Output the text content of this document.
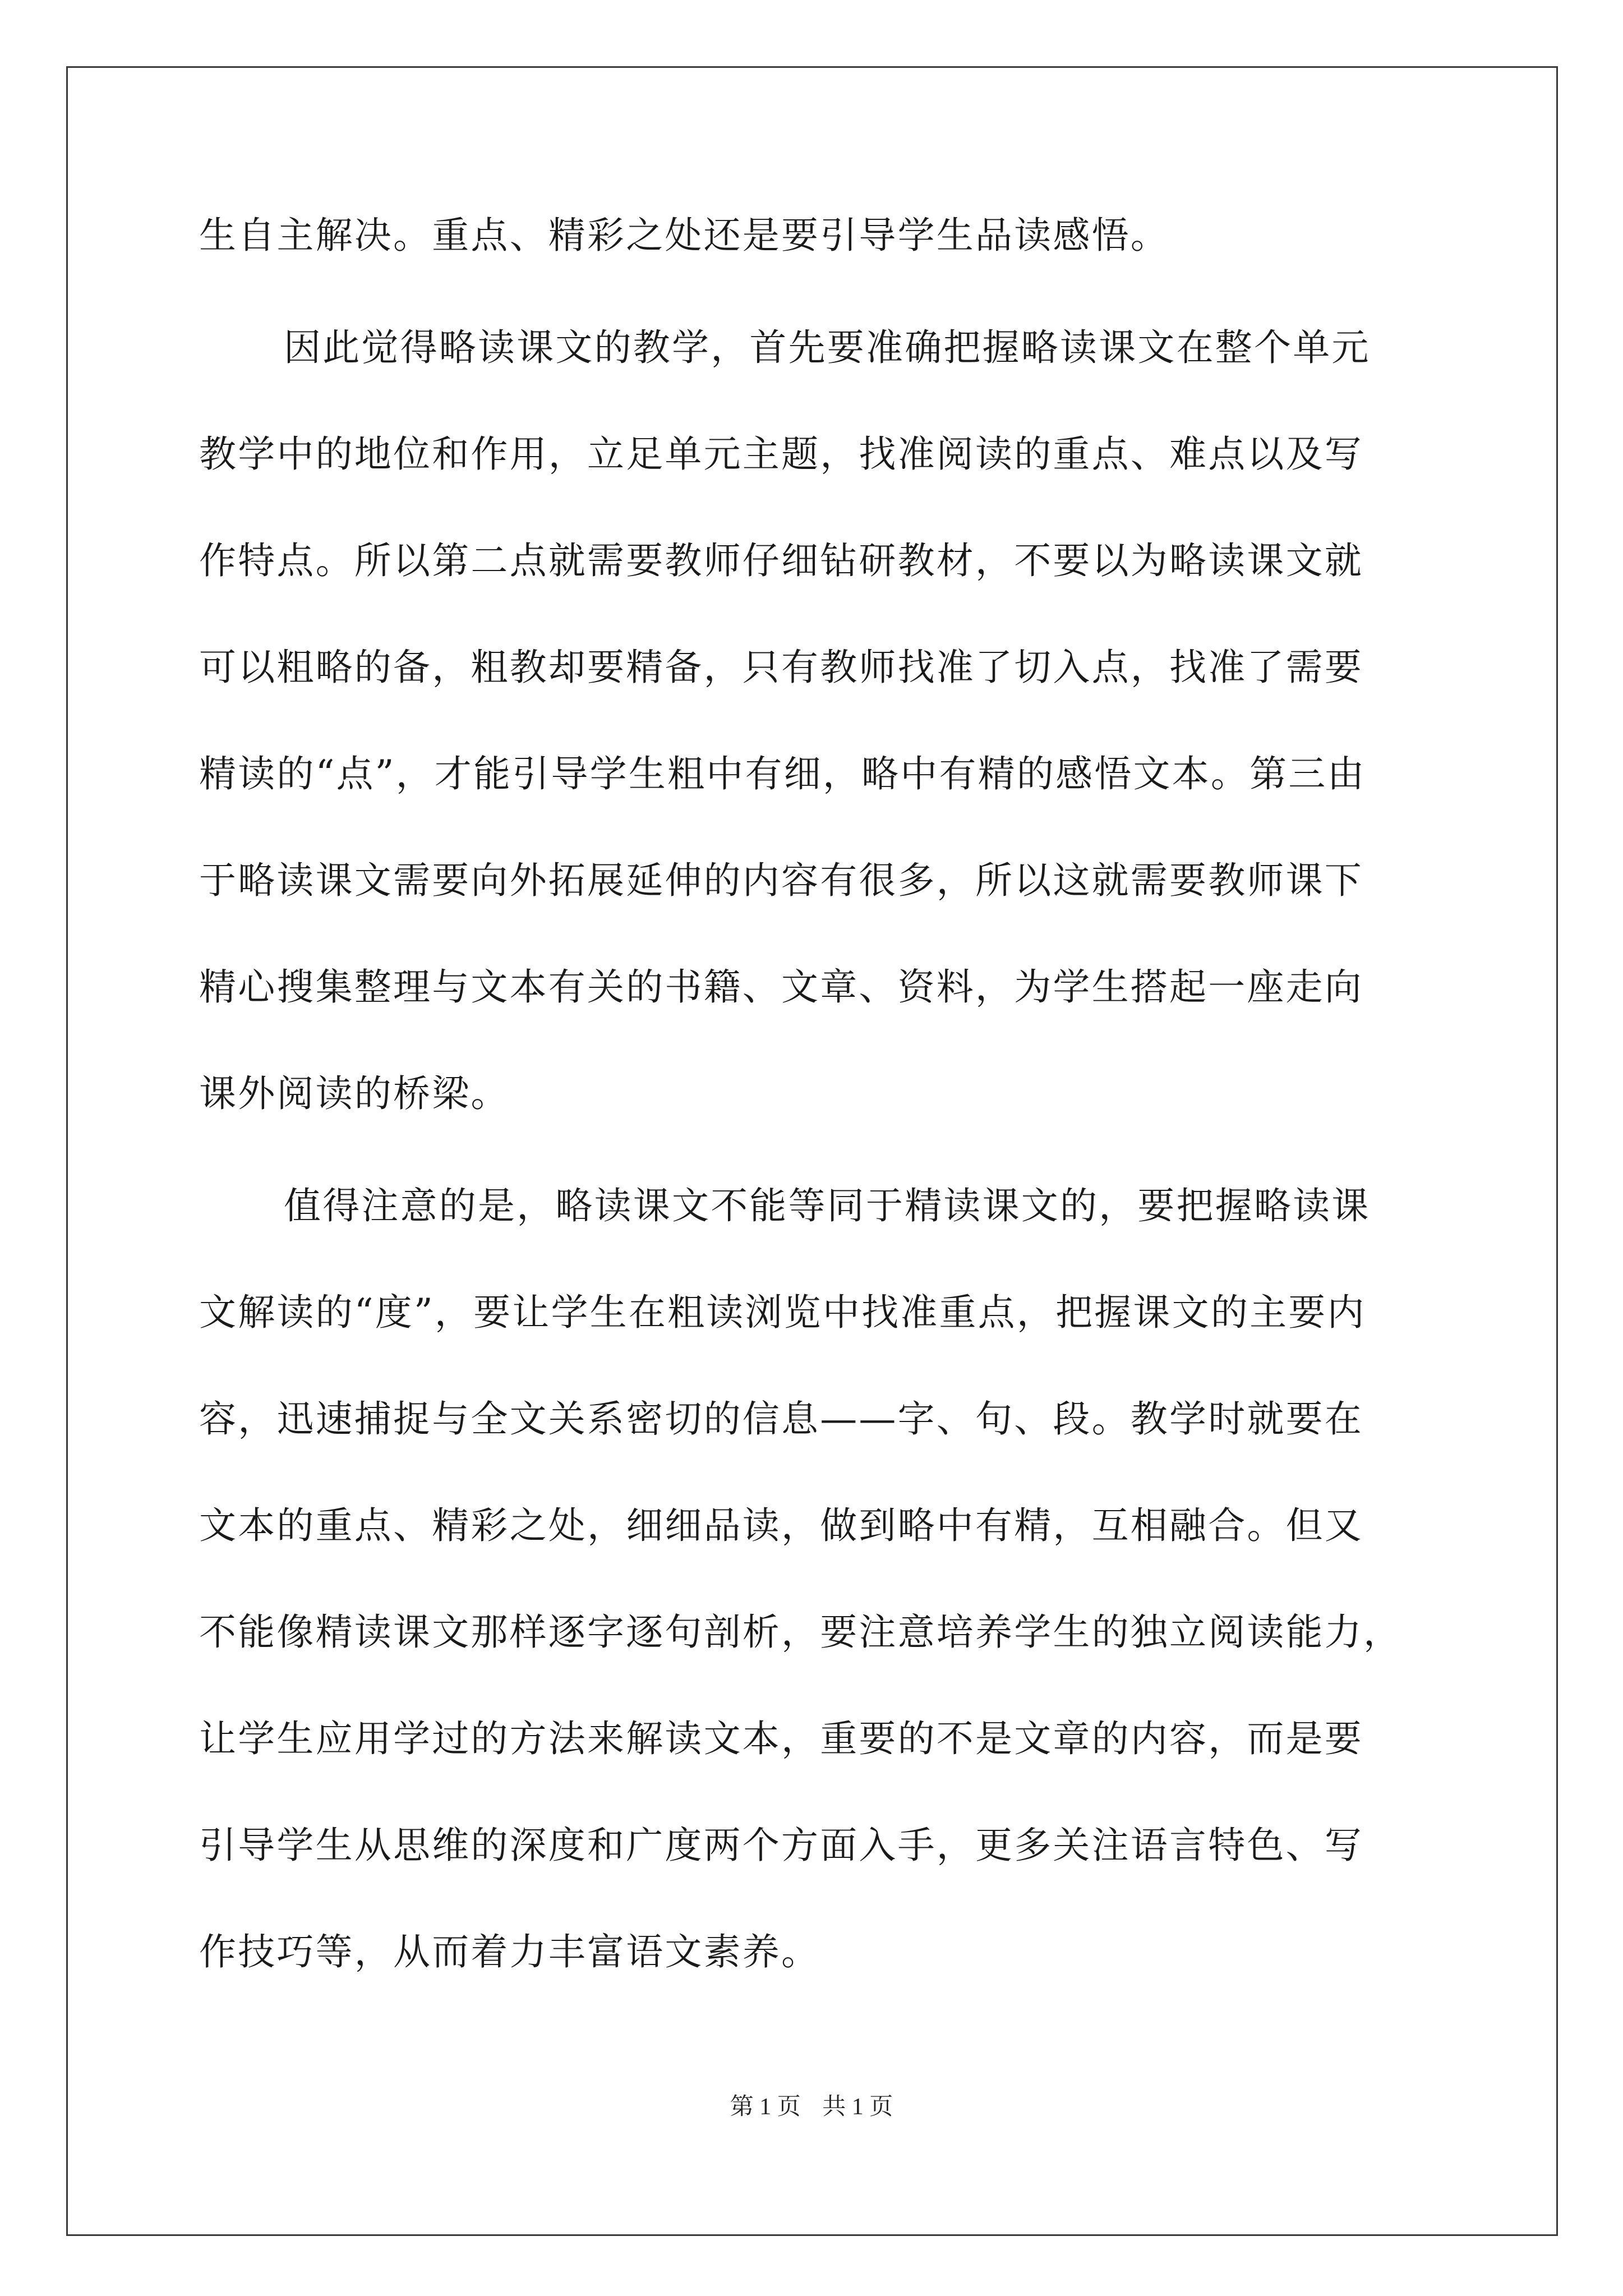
生自主解决。重点、精彩之处还是要引导学生品读感悟。
因此觉得略读课文的教学，首先要准确把握略读课文在整个单元
教学中的地位和作用，立足单元主题，找准阅读的重点、难点以及写
作特点。所以第二点就需要教师仔细钻研教材，不要以为略读课文就
可以粗略的备，粗教却要精备，只有教师找准了切入点，找准了需要
精读的“点”，才能引导学生粗中有细，略中有精的感悟文本。第三由
于略读课文需要向外拓展延伸的内容有很多，所以这就需要教师课下
精心搜集整理与文本有关的书籍、文章、资料，为学生搭起一座走向
课外阅读的桥梁。
值得注意的是，略读课文不能等同于精读课文的，要把握略读课
文解读的“度”，要让学生在粗读浏览中找准重点，把握课文的主要内
容，迅速捕捉与全文关系密切的信息——字、句、段。教学时就要在
文本的重点、精彩之处，细细品读，做到略中有精，互相融合。但又
不能像精读课文那样逐字逐句剖析，要注意培养学生的独立阅读能力，
让学生应用学过的方法来解读文本，重要的不是文章的内容，而是要
引导学生从思维的深度和广度两个方面入手，更多关注语言特色、写
作技巧等，从而着力丰富语文素养。
第 1 页 共 1 页
